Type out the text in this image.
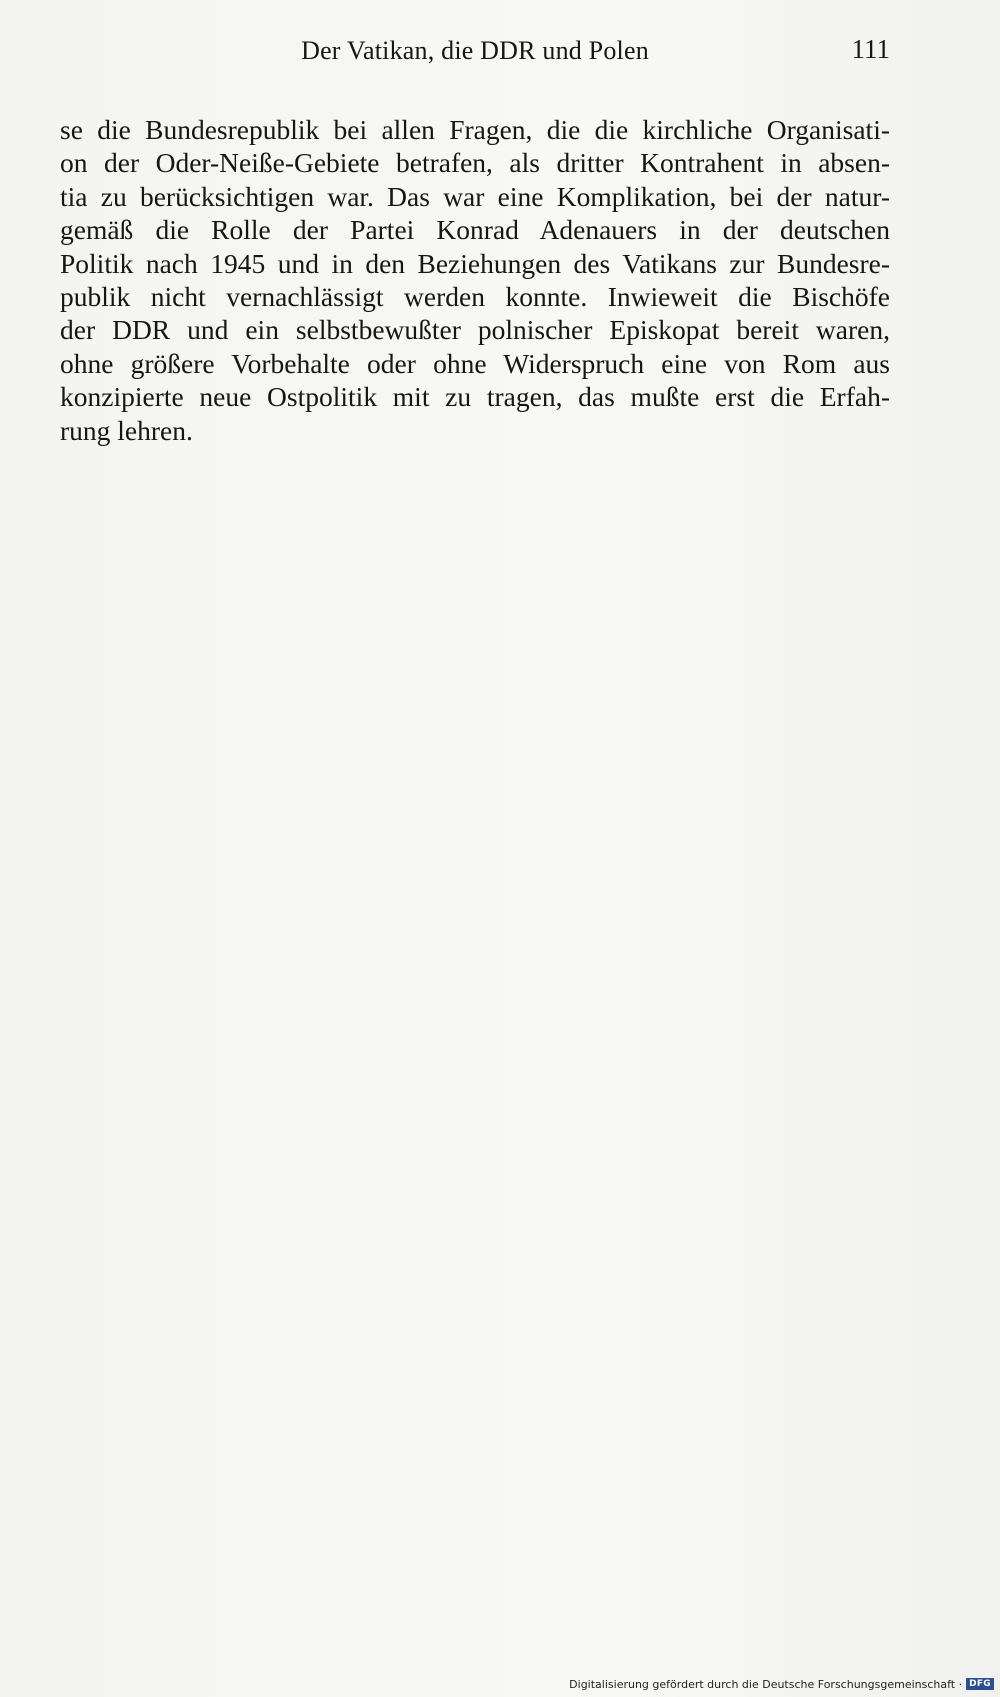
Der Vatikan, die DDR und Polen	111
se die Bundesrepublik bei allen Fragen, die die kirchliche Organisati-
on der Oder-Neiße-Gebiete betrafen, als dritter Kontrahent in absen-
tia zu berücksichtigen war. Das war eine Komplikation, bei der natur-
gemäß die Rolle der Partei Konrad Adenauers in der deutschen
Politik nach 1945 und in den Beziehungen des Vatikans zur Bundesre-
publik nicht vernachlässigt werden konnte. Inwieweit die Bischöfe
der DDR und ein selbstbewußter polnischer Episkopat bereit waren,
ohne größere Vorbehalte oder ohne Widerspruch eine von Rom aus
konzipierte neue Ostpolitik mit zu tragen, das mußte erst die Erfah-
rung lehren.
Digitalisierung gefördert durch die Deutsche Forschungsgemeinschaft · DFG
